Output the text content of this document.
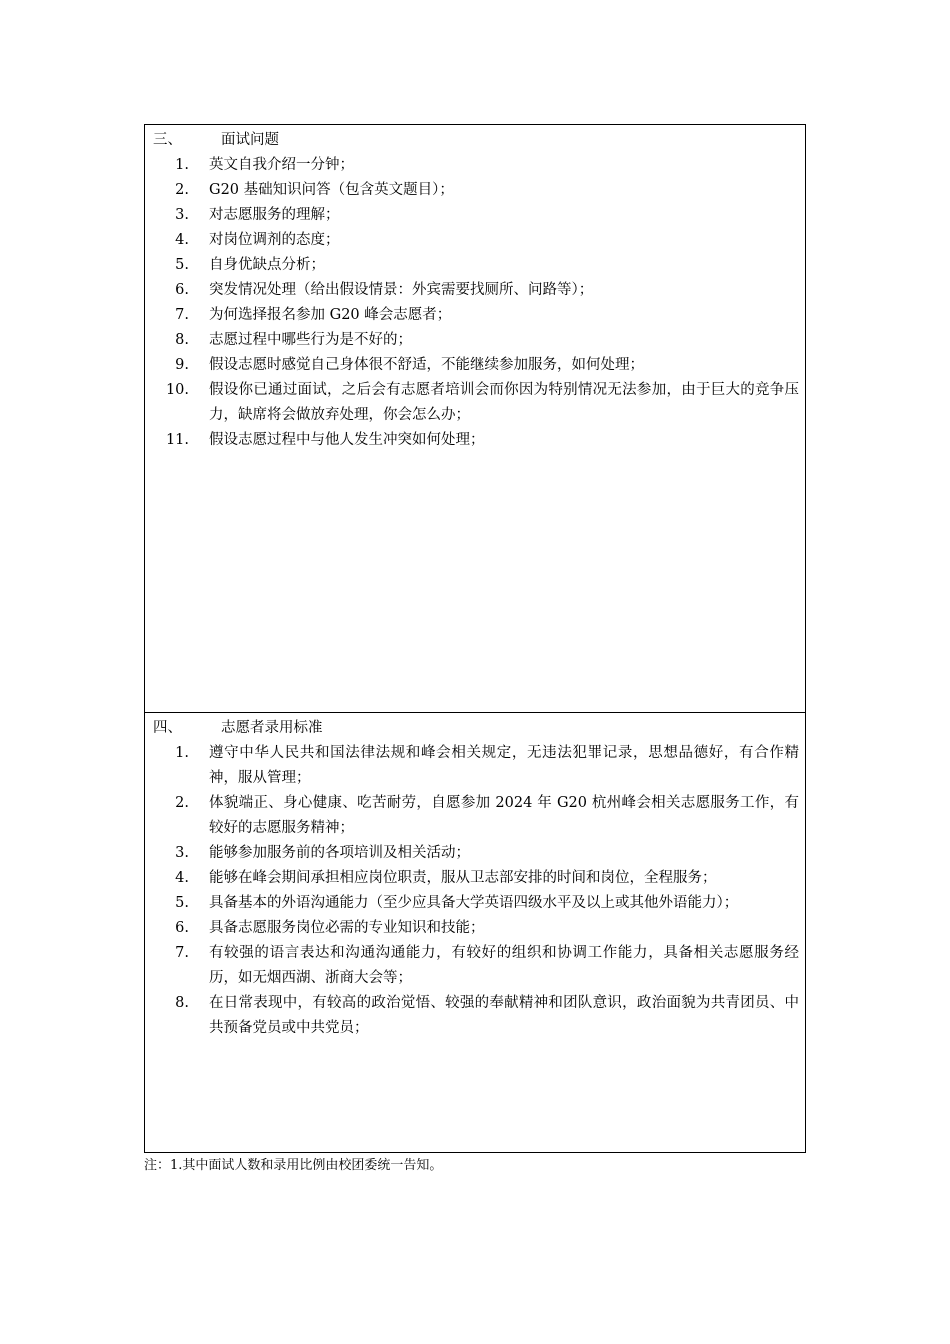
三、	面试问题
1. 英文自我介绍一分钟；
2. G20 基础知识问答（包含英文题目）；
3. 对志愿服务的理解；
4. 对岗位调剂的态度；
5. 自身优缺点分析；
6. 突发情况处理（给出假设情景：外宾需要找厕所、问路等）；
7. 为何选择报名参加 G20 峰会志愿者；
8. 志愿过程中哪些行为是不好的；
9. 假设志愿时感觉自己身体很不舒适，不能继续参加服务，如何处理；
10. 假设你已通过面试，之后会有志愿者培训会而你因为特别情况无法参加，由于巨大的竞争压力，缺席将会做放弃处理，你会怎么办；
11. 假设志愿过程中与他人发生冲突如何处理；
四、	志愿者录用标准
1. 遵守中华人民共和国法律法规和峰会相关规定，无违法犯罪记录，思想品德好，有合作精神，服从管理；
2. 体貌端正、身心健康、吃苦耐劳，自愿参加 2024 年 G20 杭州峰会相关志愿服务工作，有较好的志愿服务精神；
3. 能够参加服务前的各项培训及相关活动；
4. 能够在峰会期间承担相应岗位职责，服从卫志部安排的时间和岗位，全程服务；
5. 具备基本的外语沟通能力（至少应具备大学英语四级水平及以上或其他外语能力）；
6. 具备志愿服务岗位必需的专业知识和技能；
7. 有较强的语言表达和沟通沟通能力，有较好的组织和协调工作能力，具备相关志愿服务经历，如无烟西湖、浙商大会等；
8. 在日常表现中，有较高的政治觉悟、较强的奉献精神和团队意识，政治面貌为共青团员、中共预备党员或中共党员；
注：1.其中面试人数和录用比例由校团委统一告知。
